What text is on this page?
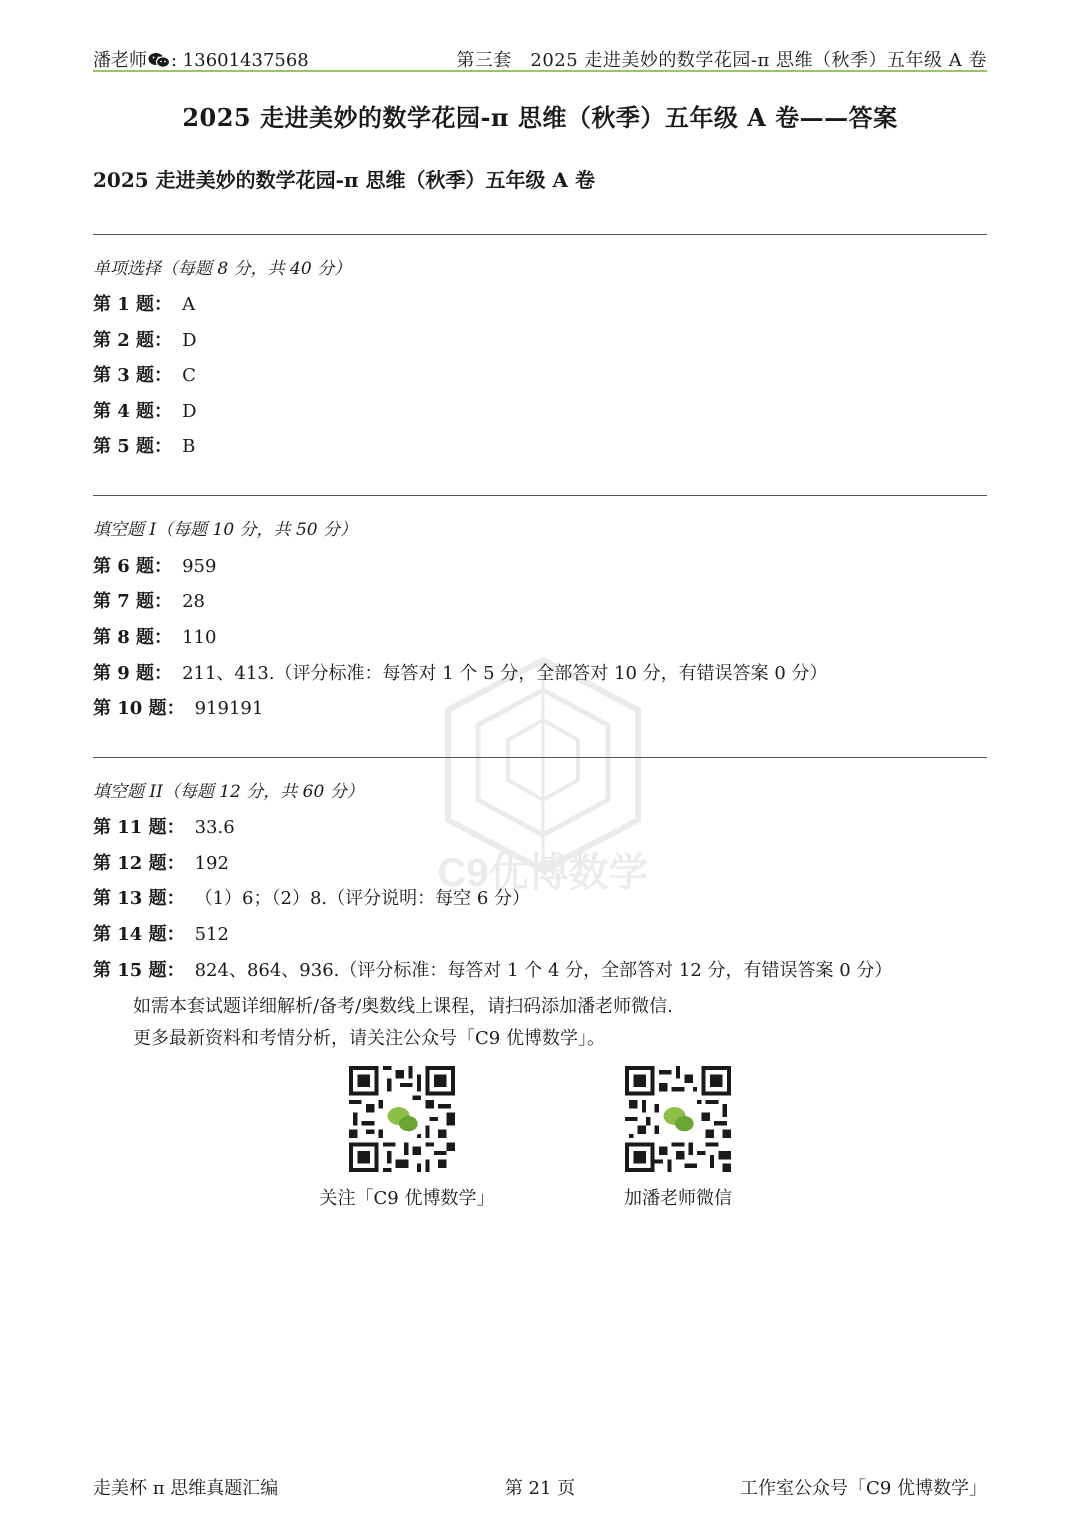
潘老师 : 13601437568	第三套　2025 走进美妙的数学花园-π 思维（秋季）五年级 A 卷
C9优博数学
2025 走进美妙的数学花园-π 思维（秋季）五年级 A 卷——答案
2025 走进美妙的数学花园-π 思维（秋季）五年级 A 卷
单项选择（每题 8 分，共 40 分）
第 1 题： A
第 2 题： D
第 3 题： C
第 4 题： D
第 5 题： B
填空题 I（每题 10 分，共 50 分）
第 6 题： 959
第 7 题： 28
第 8 题： 110
第 9 题： 211、413.（评分标准：每答对 1 个 5 分，全部答对 10 分，有错误答案 0 分）
第 10 题： 919191
填空题 II（每题 12 分，共 60 分）
第 11 题： 33.6
第 12 题： 192
第 13 题： （1）6；（2）8.（评分说明：每空 6 分）
第 14 题： 512
第 15 题： 824、864、936.（评分标准：每答对 1 个 4 分，全部答对 12 分，有错误答案 0 分）
如需本套试题详细解析/备考/奥数线上课程，请扫码添加潘老师微信.
更多最新资料和考情分析，请关注公众号「C9 优博数学」。
关注「C9 优博数学」	加潘老师微信
走美杯 π 思维真题汇编	第 21 页	工作室公众号「C9 优博数学」
